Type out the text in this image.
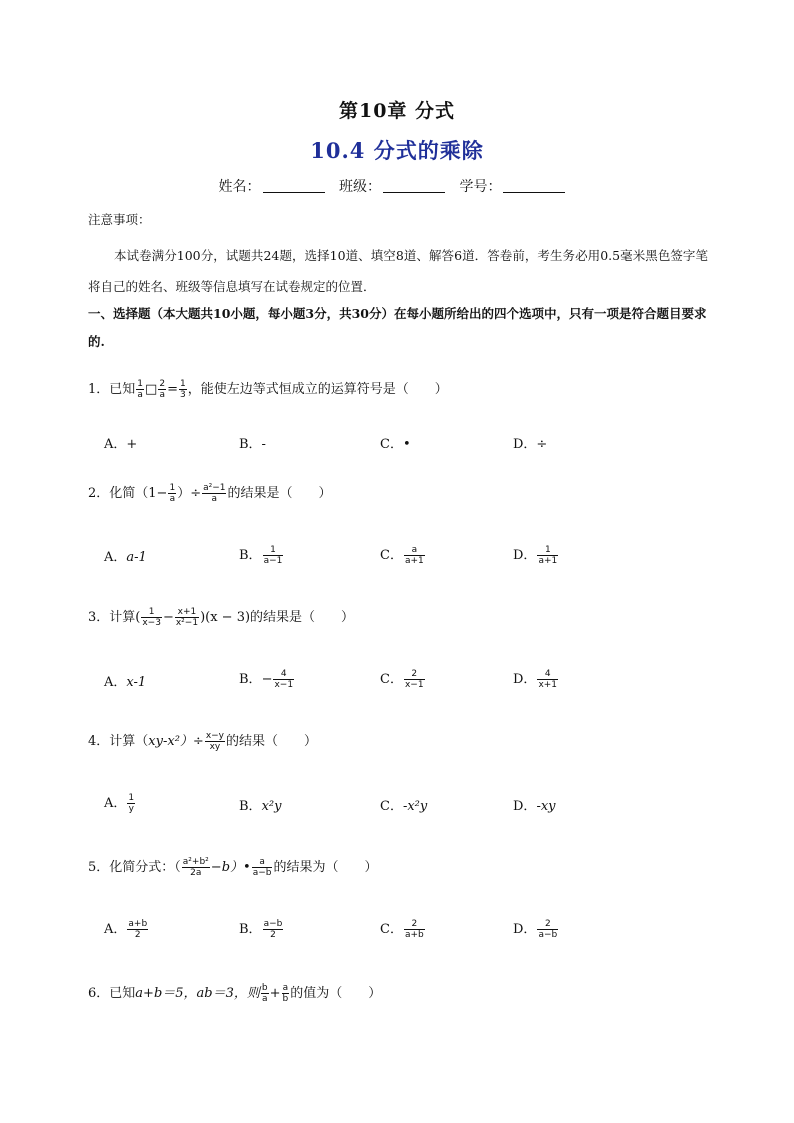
第10章 分式
10.4 分式的乘除
姓名：	班级：	学号：
注意事项：
本试卷满分100分，试题共24题，选择10道、填空8道、解答6道．答卷前，考生务必用0.5毫米黑色签字笔将自己的姓名、班级等信息填写在试卷规定的位置．
一、选择题（本大题共10小题，每小题3分，共30分）在每小题所给出的四个选项中，只有一项是符合题目要求的.
1．已知 $\frac{1}{a}$ □ $\frac{2}{a} = \frac{1}{3}$ ，能使左边等式恒成立的运算符号是（　　）
A．+	B．-	C．•	D．÷
2．化简（$1- \frac{1}{a}$ ）÷ $\frac{\text{a²−1}}{a}$ 的结果是（　　）
A．a-1	B． $\frac{1}{a-1}$	C． $\frac{a}{a+1}$	D． $\frac{1}{a+1}$
3．计算( $\frac{1}{x-3} - \frac{x+1}{\text{x²−1}} )(x - 3)$的结果是（　　）
A．x-1	B．− $\frac{4}{x-1}$	C． $\frac{2}{x-1}$	D． $\frac{4}{x+1}$
4．计算$(xy-x^2)\div \frac{x-y}{xy}$ 的结果（　　）
A． $\frac{1}{y}$	B．x²y	C．-x²y	D．-xy
5．化简分式：（ $\frac{\text{a²+b²}}{2a}$ −b）• $\frac{a}{a-b}$ 的结果为（　　）
A． $\frac{a+b}{2}$	B． $\frac{a-b}{2}$	C． $\frac{2}{a+b}$	D． $\frac{2}{a-b}$
6．已知a+b＝5，ab＝3，则 $\frac{b}{a} + \frac{a}{b}$ 的值为（　　）
